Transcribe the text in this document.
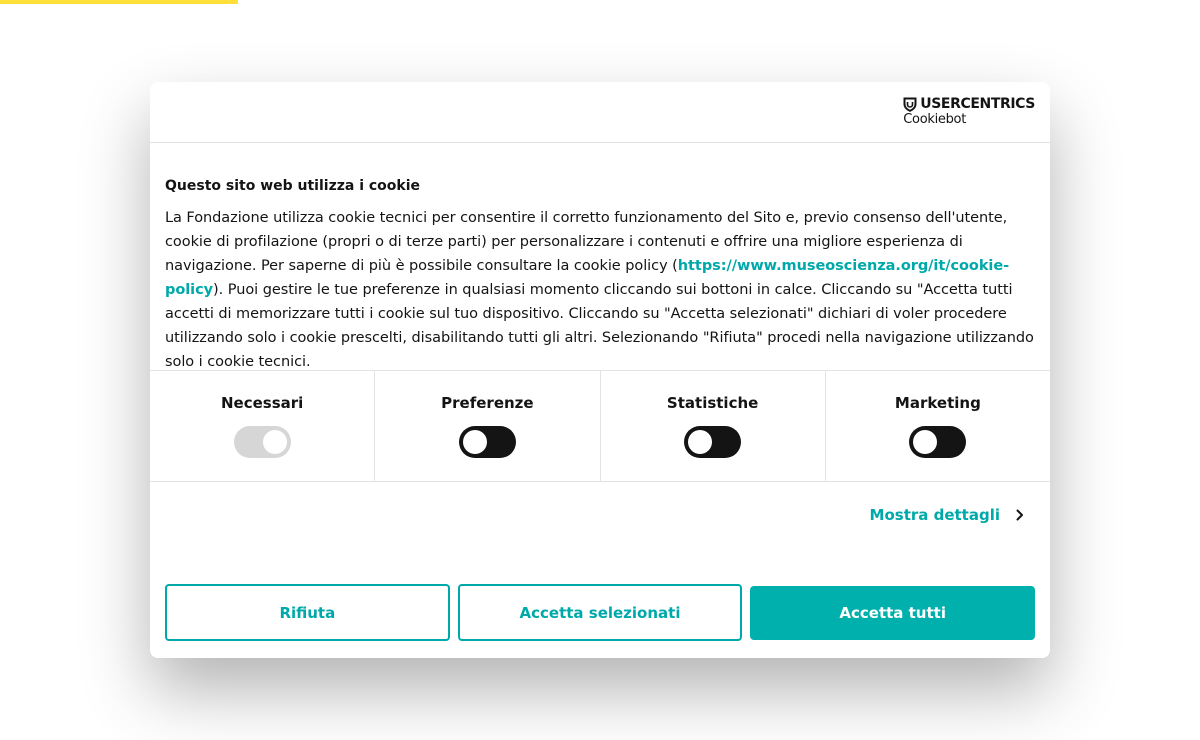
USERCENTRICS
Cookiebot
Questo sito web utilizza i cookie

La Fondazione utilizza cookie tecnici per consentire il corretto funzionamento del Sito e, previo consenso dell'utente, cookie di profilazione (propri o di terze parti) per personalizzare i contenuti e offrire una migliore esperienza di navigazione. Per saperne di più è possibile consultare la cookie policy (https://www.museoscienza.org/it/cookie-policy). Puoi gestire le tue preferenze in qualsiasi momento cliccando sui bottoni in calce. Cliccando su "Accetta tutti accetti di memorizzare tutti i cookie sul tuo dispositivo. Cliccando su "Accetta selezionati" dichiari di voler procedere utilizzando solo i cookie prescelti, disabilitando tutti gli altri. Selezionando "Rifiuta" procedi nella navigazione utilizzando solo i cookie tecnici.

Necessari	Preferenze	Statistiche	Marketing
Mostra dettagli
Rifiuta	Accetta selezionati	Accetta tutti
